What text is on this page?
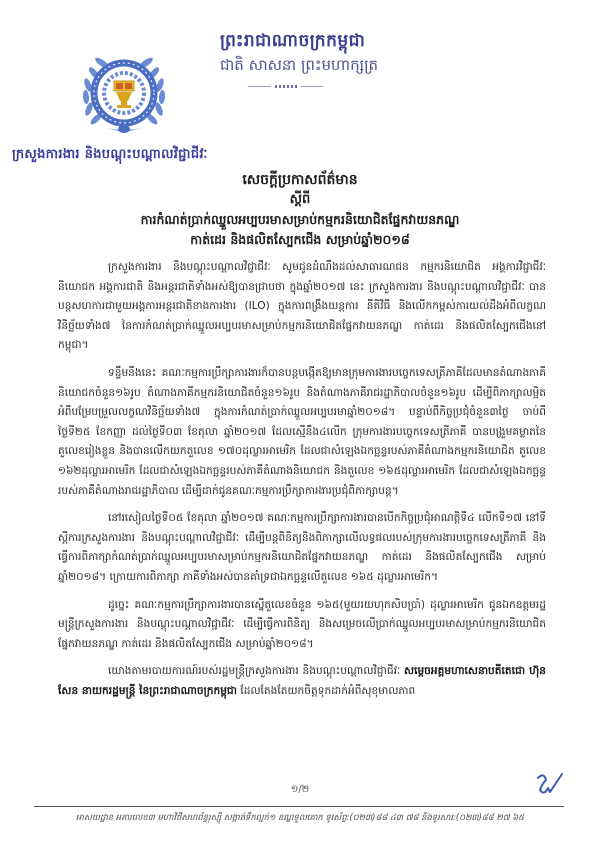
ព្រះរាជាណាចក្រកម្ពុជា
ជាតិ សាសនា ព្រះមហាក្សត្រ
ក្រសួងការងារ និងបណ្តុះបណ្តាលវិជ្ជាជីវៈ
សេចក្តីប្រកាសព័ត៌មាន
ស្តីពី
ការកំណត់ប្រាក់ឈ្នួលអប្បបរមាសម្រាប់កម្មករនិយោជិតផ្នែកវាយនភណ្ឌ
កាត់ដេរ និងផលិតស្បែកជើង សម្រាប់ឆ្នាំ២០១៨

ក្រសួងការងារ និងបណ្តុះបណ្តាលវិជ្ជាជីវៈ សូមជូនដំណឹងដល់សាធារណជន កម្មករនិយោជិត អង្គការវិជ្ជាជីវៈ និយោជក អង្គការជាតិ និងអន្តរជាតិទាំងអស់ឱ្យបានជ្រាបថា ក្នុងឆ្នាំ២០១៧ នេះ ក្រសួងការងារ និងបណ្តុះបណ្តាលវិជ្ជាជីវៈ បានបន្តសហការជាមួយអង្គការអន្តរជាតិខាងការងារ (ILO) ក្នុងការពង្រឹងយន្តការ នីតិវិធី និងលើកកម្ពស់ការយល់ដឹងអំពីលក្ខណវិនិច្ឆ័យទាំង៧ នៃការកំណត់ប្រាក់ឈ្នួលអប្បបរមាសម្រាប់កម្មករនិយោជិតផ្នែកវាយនភណ្ឌ កាត់ដេរ និងផលិតស្បែកជើងនៅកម្ពុជា។

ទន្ទឹមនឹងនេះ គណៈកម្មការប្រឹក្សាការងារក៏បានបន្តបង្កើតឱ្យមានក្រុមការងារបច្ចេកទេសត្រីភាគីដែលមានតំណាងភាគីនិយោជកចំនួន១៦រូប តំណាងភាគីកម្មករនិយោជិតចំនួន១៦រូប និងតំណាងភាគីរាជរដ្ឋាភិបាលចំនួន១៦រូប ដើម្បីពិភាក្សាលម្អិតអំពីបម្រែបម្រួលលក្ខណវិនិច្ឆ័យទាំង៧ ក្នុងការកំណត់ប្រាក់ឈ្នួលអប្បបរមាឆ្នាំ២០១៨។ បន្ទាប់ពីកិច្ចប្រជុំចំនួន៣ថ្ងៃ ចាប់ពីថ្ងៃទី២៥ ខែកញ្ញា ដល់ថ្ងៃទី០៣ ខែតុលា ឆ្នាំ២០១៧ ដែលស្មើនឹង៤លើក ក្រុមការងារបច្ចេកទេសត្រីភាគី បានបង្រួមគម្លាតនៃតួលេខរៀងខ្លួន និងបានលើកយកតួលេខ ១៧០ដុល្លារអាមេរិក ដែលជាសំឡេងឯកច្ឆន្ទរបស់ភាគីតំណាងកម្មករនិយោជិត តួលេខ ១៦២ដុល្លារអាមេរិក ដែលជាសំឡេងឯកច្ឆន្ទរបស់ភាគីតំណាងនិយោជក និងតួលេខ ១៦៥ដុល្លារអាមេរិក ដែលជាសំឡេងឯកច្ឆន្ទរបស់ភាគីតំណាងរាជរដ្ឋាភិបាល ដើម្បីដាក់ជូនគណៈកម្មការប្រឹក្សាការងារប្រជុំពិភាក្សាបន្ត។

នៅរសៀលថ្ងៃទី០៥ ខែតុលា ឆ្នាំ២០១៧ គណៈកម្មការប្រឹក្សាការងារបានបើកកិច្ចប្រជុំអាណត្តិទី៤ លើកទី១៧ នៅទីស្តីការក្រសួងការងារ និងបណ្តុះបណ្តាលវិជ្ជាជីវៈ ដើម្បីបន្តពិនិត្យនិងពិភាក្សាលើលទ្ធផលរបស់ក្រុមការងារបច្ចេកទេសត្រីភាគី និងធ្វើការពិភាក្សាកំណត់ប្រាក់ឈ្នួលអប្បបរមាសម្រាប់កម្មករនិយោជិតផ្នែកវាយនភណ្ឌ កាត់ដេរ និងផលិតស្បែកជើង សម្រាប់ឆ្នាំ២០១៨។ ក្រោយការពិភាក្សា ភាគីទាំងអស់បានគាំទ្រជាឯកច្ឆន្ទលើតួលេខ ១៦៥ ដុល្លារអាមេរិក។

ដូច្នេះ គណៈកម្មការប្រឹក្សាការងារបានស្នើតួលេខចំនួន ១៦៥(មួយរយហុកសិបប្រាំ) ដុល្លារអាមេរិក ជូនឯកឧត្តមរដ្ឋមន្ត្រីក្រសួងការងារ និងបណ្តុះបណ្តាលវិជ្ជាជីវៈ ដើម្បីធ្វើការពិនិត្យ និងសម្រេចលើប្រាក់ឈ្នួលអប្បបរមាសម្រាប់កម្មករនិយោជិតផ្នែកវាយនភណ្ឌ កាត់ដេរ និងផលិតស្បែកជើង សម្រាប់ឆ្នាំ២០១៨។

យោងតាមរបាយការណ៍របស់រដ្ឋមន្ត្រីក្រសួងការងារ និងបណ្តុះបណ្តាលវិជ្ជាជីវៈ សម្តេចអគ្គមហាសេនាបតីតេជោ ហ៊ុន សែន នាយករដ្ឋមន្ត្រី នៃព្រះរាជាណាចក្រកម្ពុជា ដែលតែងតែយកចិត្តទុកដាក់អំពីសុខុមាលភាព

១/២
អាសយដ្ឋាន អគារលេខ៣ មហាវិថីសហព័ន្ធរុស្ស៊ី សង្កាត់ទឹកល្អក់១ ខណ្ឌទួលគោក ទូរស័ព្ទ:(០២៣)៨៨ ៤៣ ៧៨ និងទូរសារ:(០២៣)៨៨ ២៧ ៦៥
